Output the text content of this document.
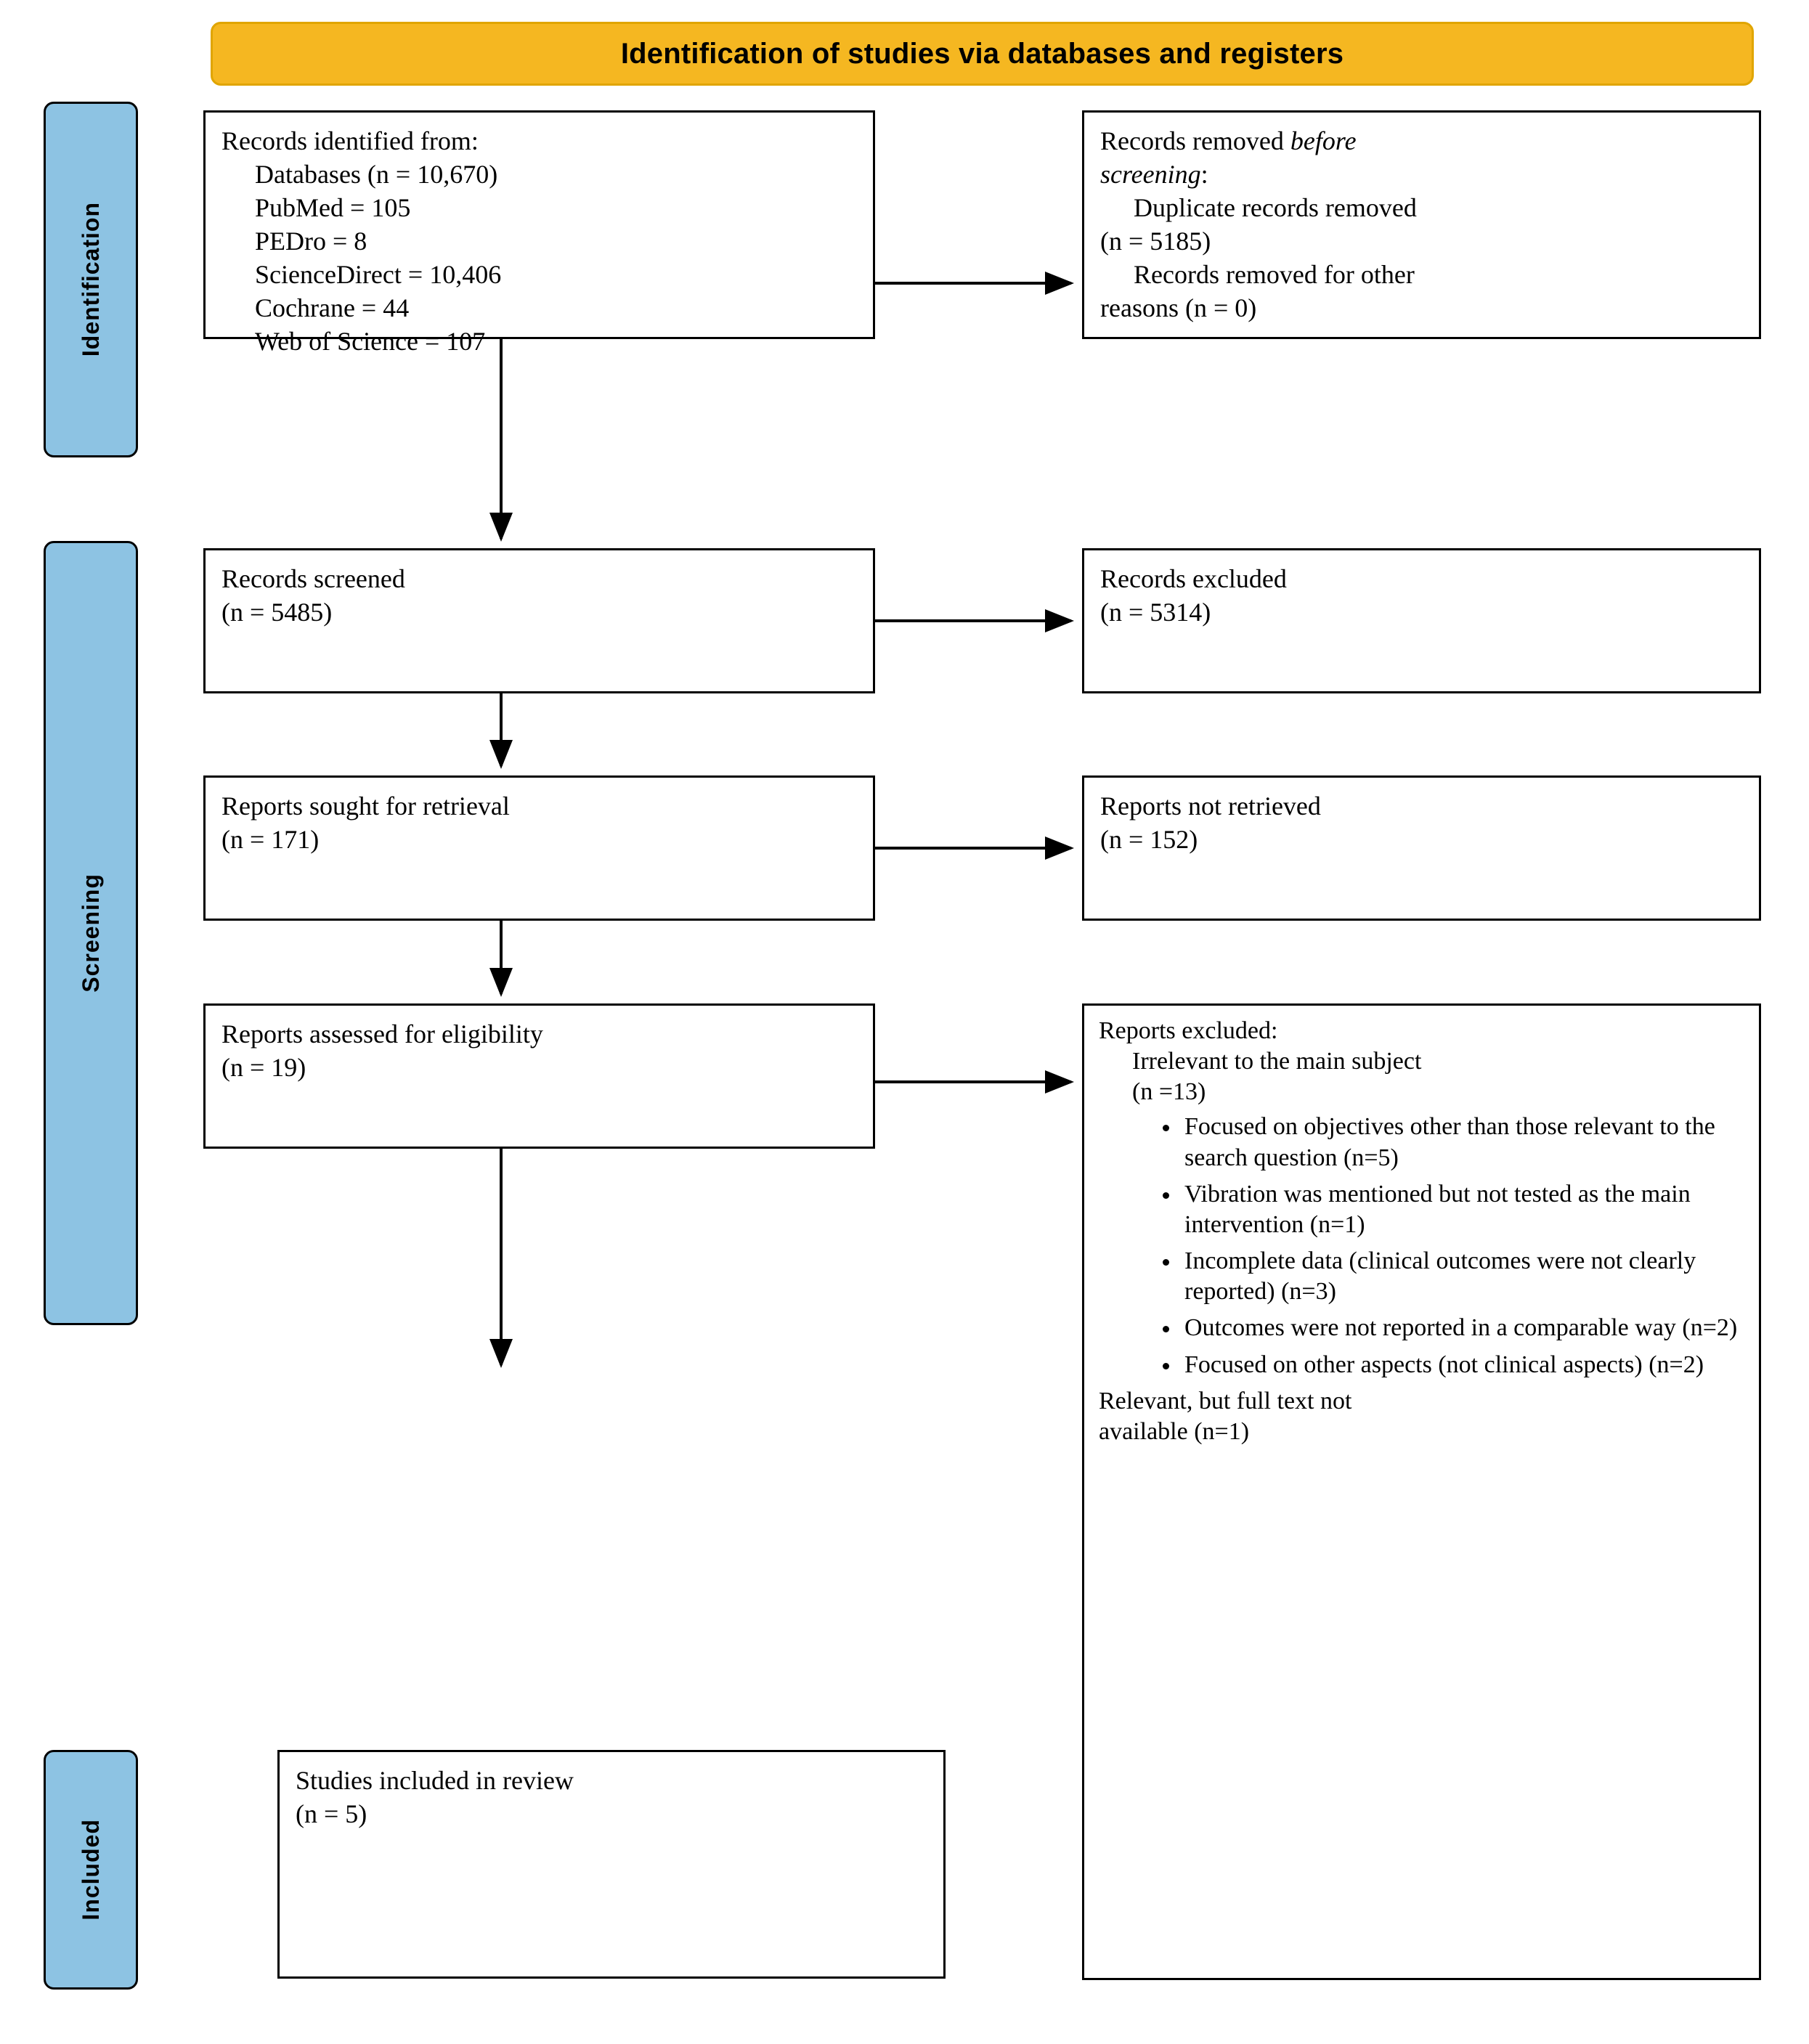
Identification of studies via databases and registers
Identification
Screening
Included
Records identified from:
Databases (n = 10,670)
PubMed = 105
PEDro = 8
ScienceDirect = 10,406
Cochrane = 44
Web of Science = 107
Records removed before
screening:
Duplicate records removed
(n = 5185)
Records removed for other
reasons (n = 0)
Records screened
(n = 5485)
Records excluded
(n = 5314)
Reports sought for retrieval
(n = 171)
Reports not retrieved
(n = 152)
Reports assessed for eligibility
(n = 19)
Reports excluded:
Irrelevant to the main subject
(n =13)
• Focused on objectives other than those relevant to the search question (n=5)
• Vibration was mentioned but not tested as the main intervention (n=1)
• Incomplete data (clinical outcomes were not clearly reported) (n=3)
• Outcomes were not reported in a comparable way (n=2)
• Focused on other aspects (not clinical aspects) (n=2)
Relevant, but full text not
available (n=1)
Studies included in review
(n = 5)
